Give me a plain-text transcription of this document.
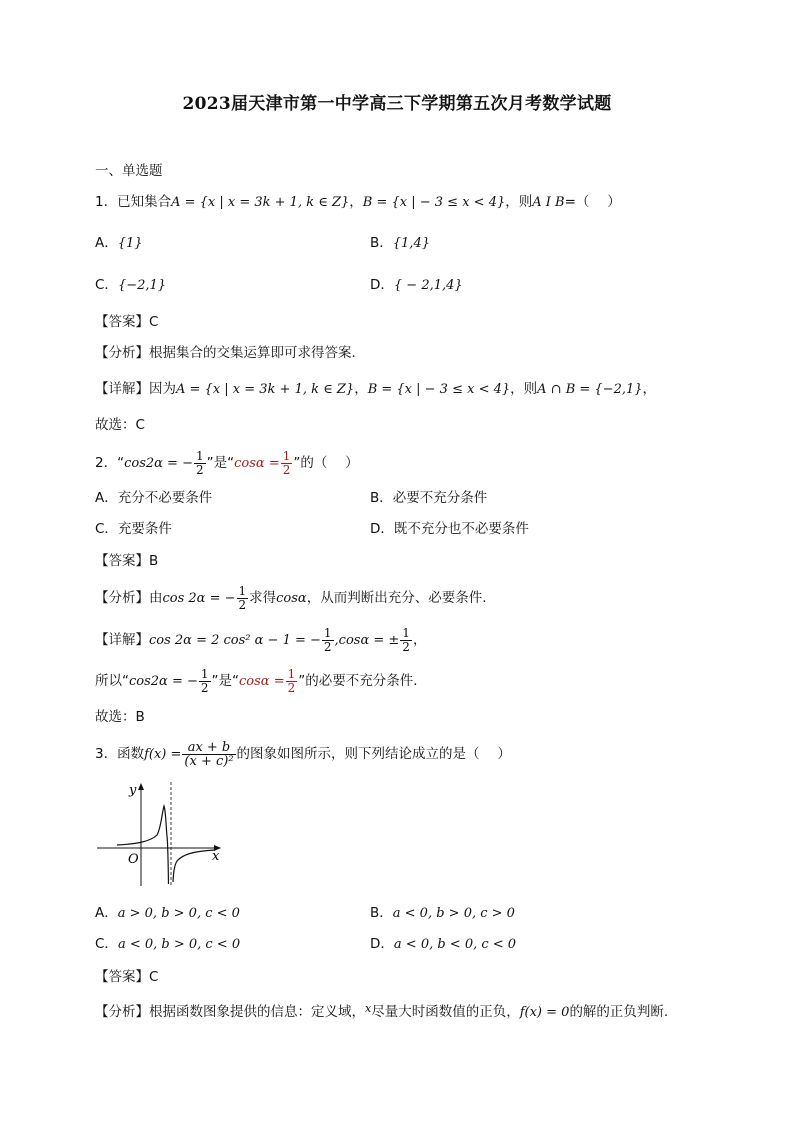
2023届天津市第一中学高三下学期第五次月考数学试题
一、单选题
1．已知集合A = {x | x = 3k + 1, k ∈ Z}，B = {x | − 3 ≤ x < 4}，则A I B=（　 ）
A．{1}	B．{1,4}
C．{−2,1}	D．{ − 2,1,4}
【答案】C
【分析】根据集合的交集运算即可求得答案.
【详解】因为A = {x | x = 3k + 1, k ∈ Z}，B = {x | − 3 ≤ x < 4}，则A ∩ B = {−2,1}，
故选：C
2．“cos2α = − $\frac{1}{2}$ ”是“$\cos\alpha = \frac{1}{2}$ ”的（　 ）
A．充分不必要条件	B．必要不充分条件
C．充要条件	D．既不充分也不必要条件
【答案】B
【分析】由cos 2α = − $\frac{1}{2}$ 求得cosα，从而判断出充分、必要条件.
【详解】cos 2α = 2 cos² α − 1 = − $\frac{1}{2} ,\cos\alpha$ = ± $\frac{1}{2}$ ，
所以“cos2α = − $\frac{1}{2}$ ”是“$\cos\alpha = \frac{1}{2}$ ”的必要不充分条件.
故选：B
3．函数$f(x) = \frac{ax + b}{\text{(x + c)²}}$ 的图象如图所示，则下列结论成立的是（　 ）
y
x
O
A．a > 0, b > 0, c < 0	B．a < 0, b > 0, c > 0
C．a < 0, b > 0, c < 0	D．a < 0, b < 0, c < 0
【答案】C
【分析】根据函数图象提供的信息：定义域，$^x$尽量大时函数值的正负，f(x) = 0的解的正负判断.
